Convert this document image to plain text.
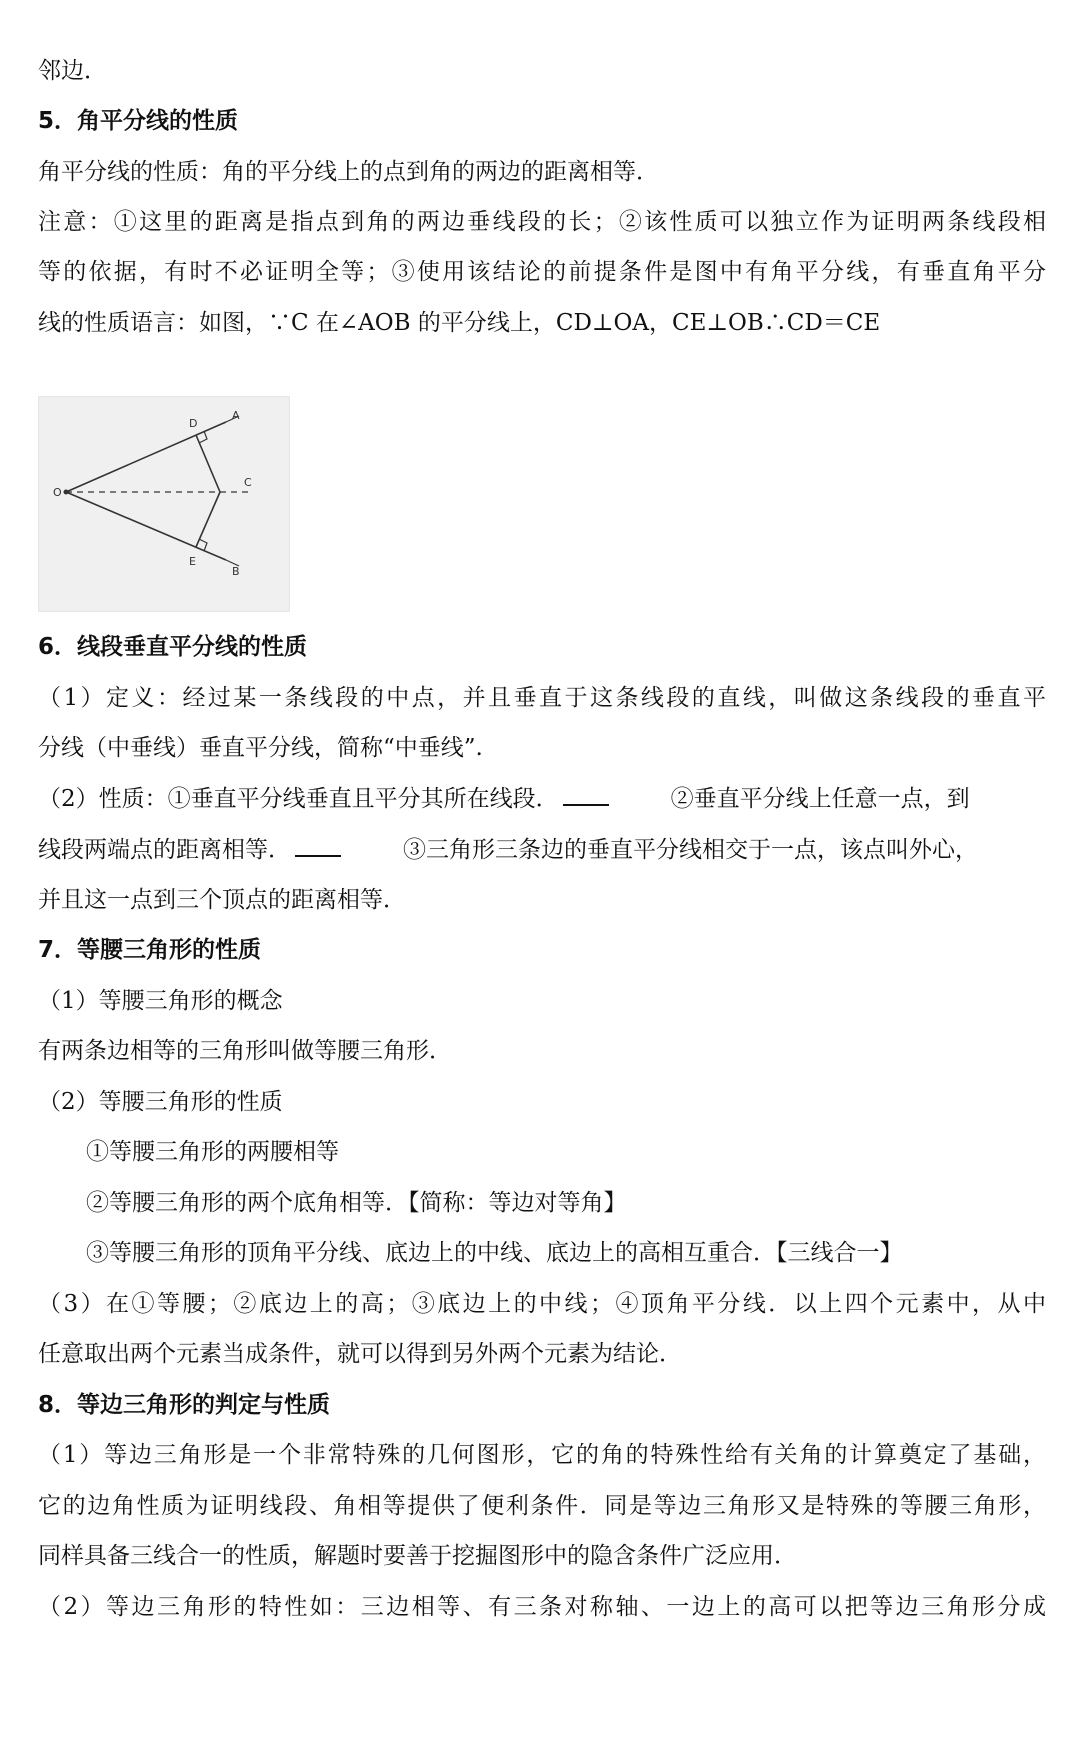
邻边．
5．角平分线的性质
角平分线的性质：角的平分线上的点到角的两边的距离相等．
注意：①这里的距离是指点到角的两边垂线段的长；②该性质可以独立作为证明两条线段相
等的依据，有时不必证明全等；③使用该结论的前提条件是图中有角平分线，有垂直角平分
线的性质语言：如图，∵C 在∠AOB 的平分线上，CD⊥OA，CE⊥OB∴CD＝CE
O
A
B
C
D
E
6．线段垂直平分线的性质
（1）定义：经过某一条线段的中点，并且垂直于这条线段的直线，叫做这条线段的垂直平
分线（中垂线）垂直平分线，简称“中垂线”.
（2）性质：①垂直平分线垂直且平分其所在线段．	②垂直平分线上任意一点，到
线段两端点的距离相等．	③三角形三条边的垂直平分线相交于一点，该点叫外心，
并且这一点到三个顶点的距离相等．
7．等腰三角形的性质
（1）等腰三角形的概念
有两条边相等的三角形叫做等腰三角形．
（2）等腰三角形的性质
①等腰三角形的两腰相等
②等腰三角形的两个底角相等．【简称：等边对等角】
③等腰三角形的顶角平分线、底边上的中线、底边上的高相互重合．【三线合一】
（3）在①等腰；②底边上的高；③底边上的中线；④顶角平分线．以上四个元素中，从中
任意取出两个元素当成条件，就可以得到另外两个元素为结论．
8．等边三角形的判定与性质
（1）等边三角形是一个非常特殊的几何图形，它的角的特殊性给有关角的计算奠定了基础，
它的边角性质为证明线段、角相等提供了便利条件．同是等边三角形又是特殊的等腰三角形，
同样具备三线合一的性质，解题时要善于挖掘图形中的隐含条件广泛应用．
（2）等边三角形的特性如：三边相等、有三条对称轴、一边上的高可以把等边三角形分成
